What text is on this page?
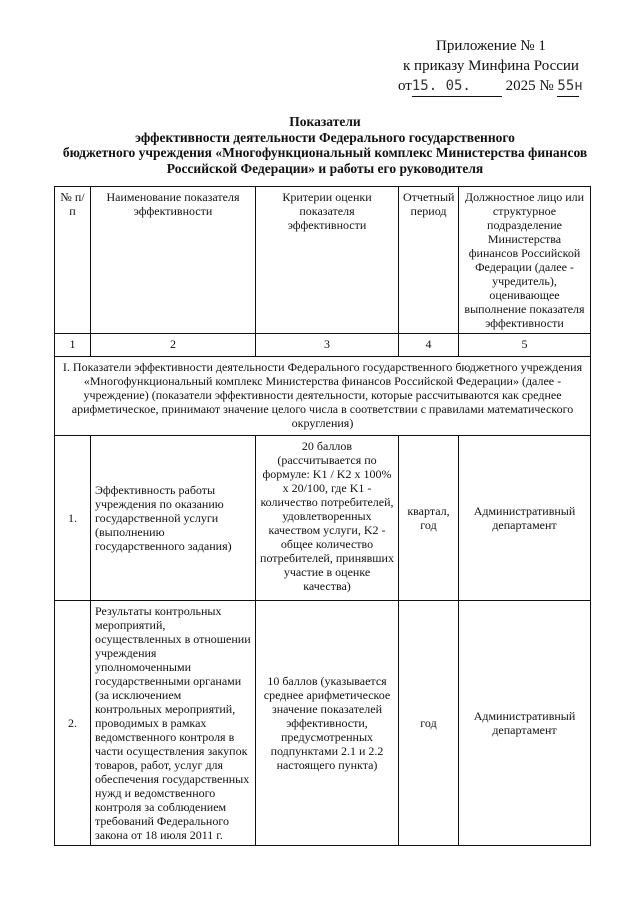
Приложение № 1
к приказу Минфина России
от15. 05. 2025 № 55н
Показатели
эффективности деятельности Федерального государственного
бюджетного учреждения «Многофункциональный комплекс Министерства финансов
Российской Федерации» и работы его руководителя
№ п/п	Наименование показателя эффективности	Критерии оценки показателя эффективности	Отчетный период	Должностное лицо или структурное подразделение Министерства финансов Российской Федерации (далее - учредитель), оценивающее выполнение показателя эффективности
1	2	3	4	5
I. Показатели эффективности деятельности Федерального государственного бюджетного учреждения «Многофункциональный комплекс Министерства финансов Российской Федерации» (далее - учреждение) (показатели эффективности деятельности, которые рассчитываются как среднее арифметическое, принимают значение целого числа в соответствии с правилами математического округления)				
1.	Эффективность работы учреждения по оказанию государственной услуги (выполнению государственного задания)	20 баллов (рассчитывается по формуле: K1 / K2 x 100% x 20/100, где K1 - количество потребителей, удовлетворенных качеством услуги, K2 - общее количество потребителей, принявших участие в оценке качества)	квартал, год	Административный департамент
2.	Результаты контрольных мероприятий, осуществленных в отношении учреждения уполномоченными государственными органами (за исключением контрольных мероприятий, проводимых в рамках ведомственного контроля в части осуществления закупок товаров, работ, услуг для обеспечения государственных нужд и ведомственного контроля за соблюдением требований Федерального закона от 18 июля 2011 г.	10 баллов (указывается среднее арифметическое значение показателей эффективности, предусмотренных подпунктами 2.1 и 2.2 настоящего пункта)	год	Административный департамент
